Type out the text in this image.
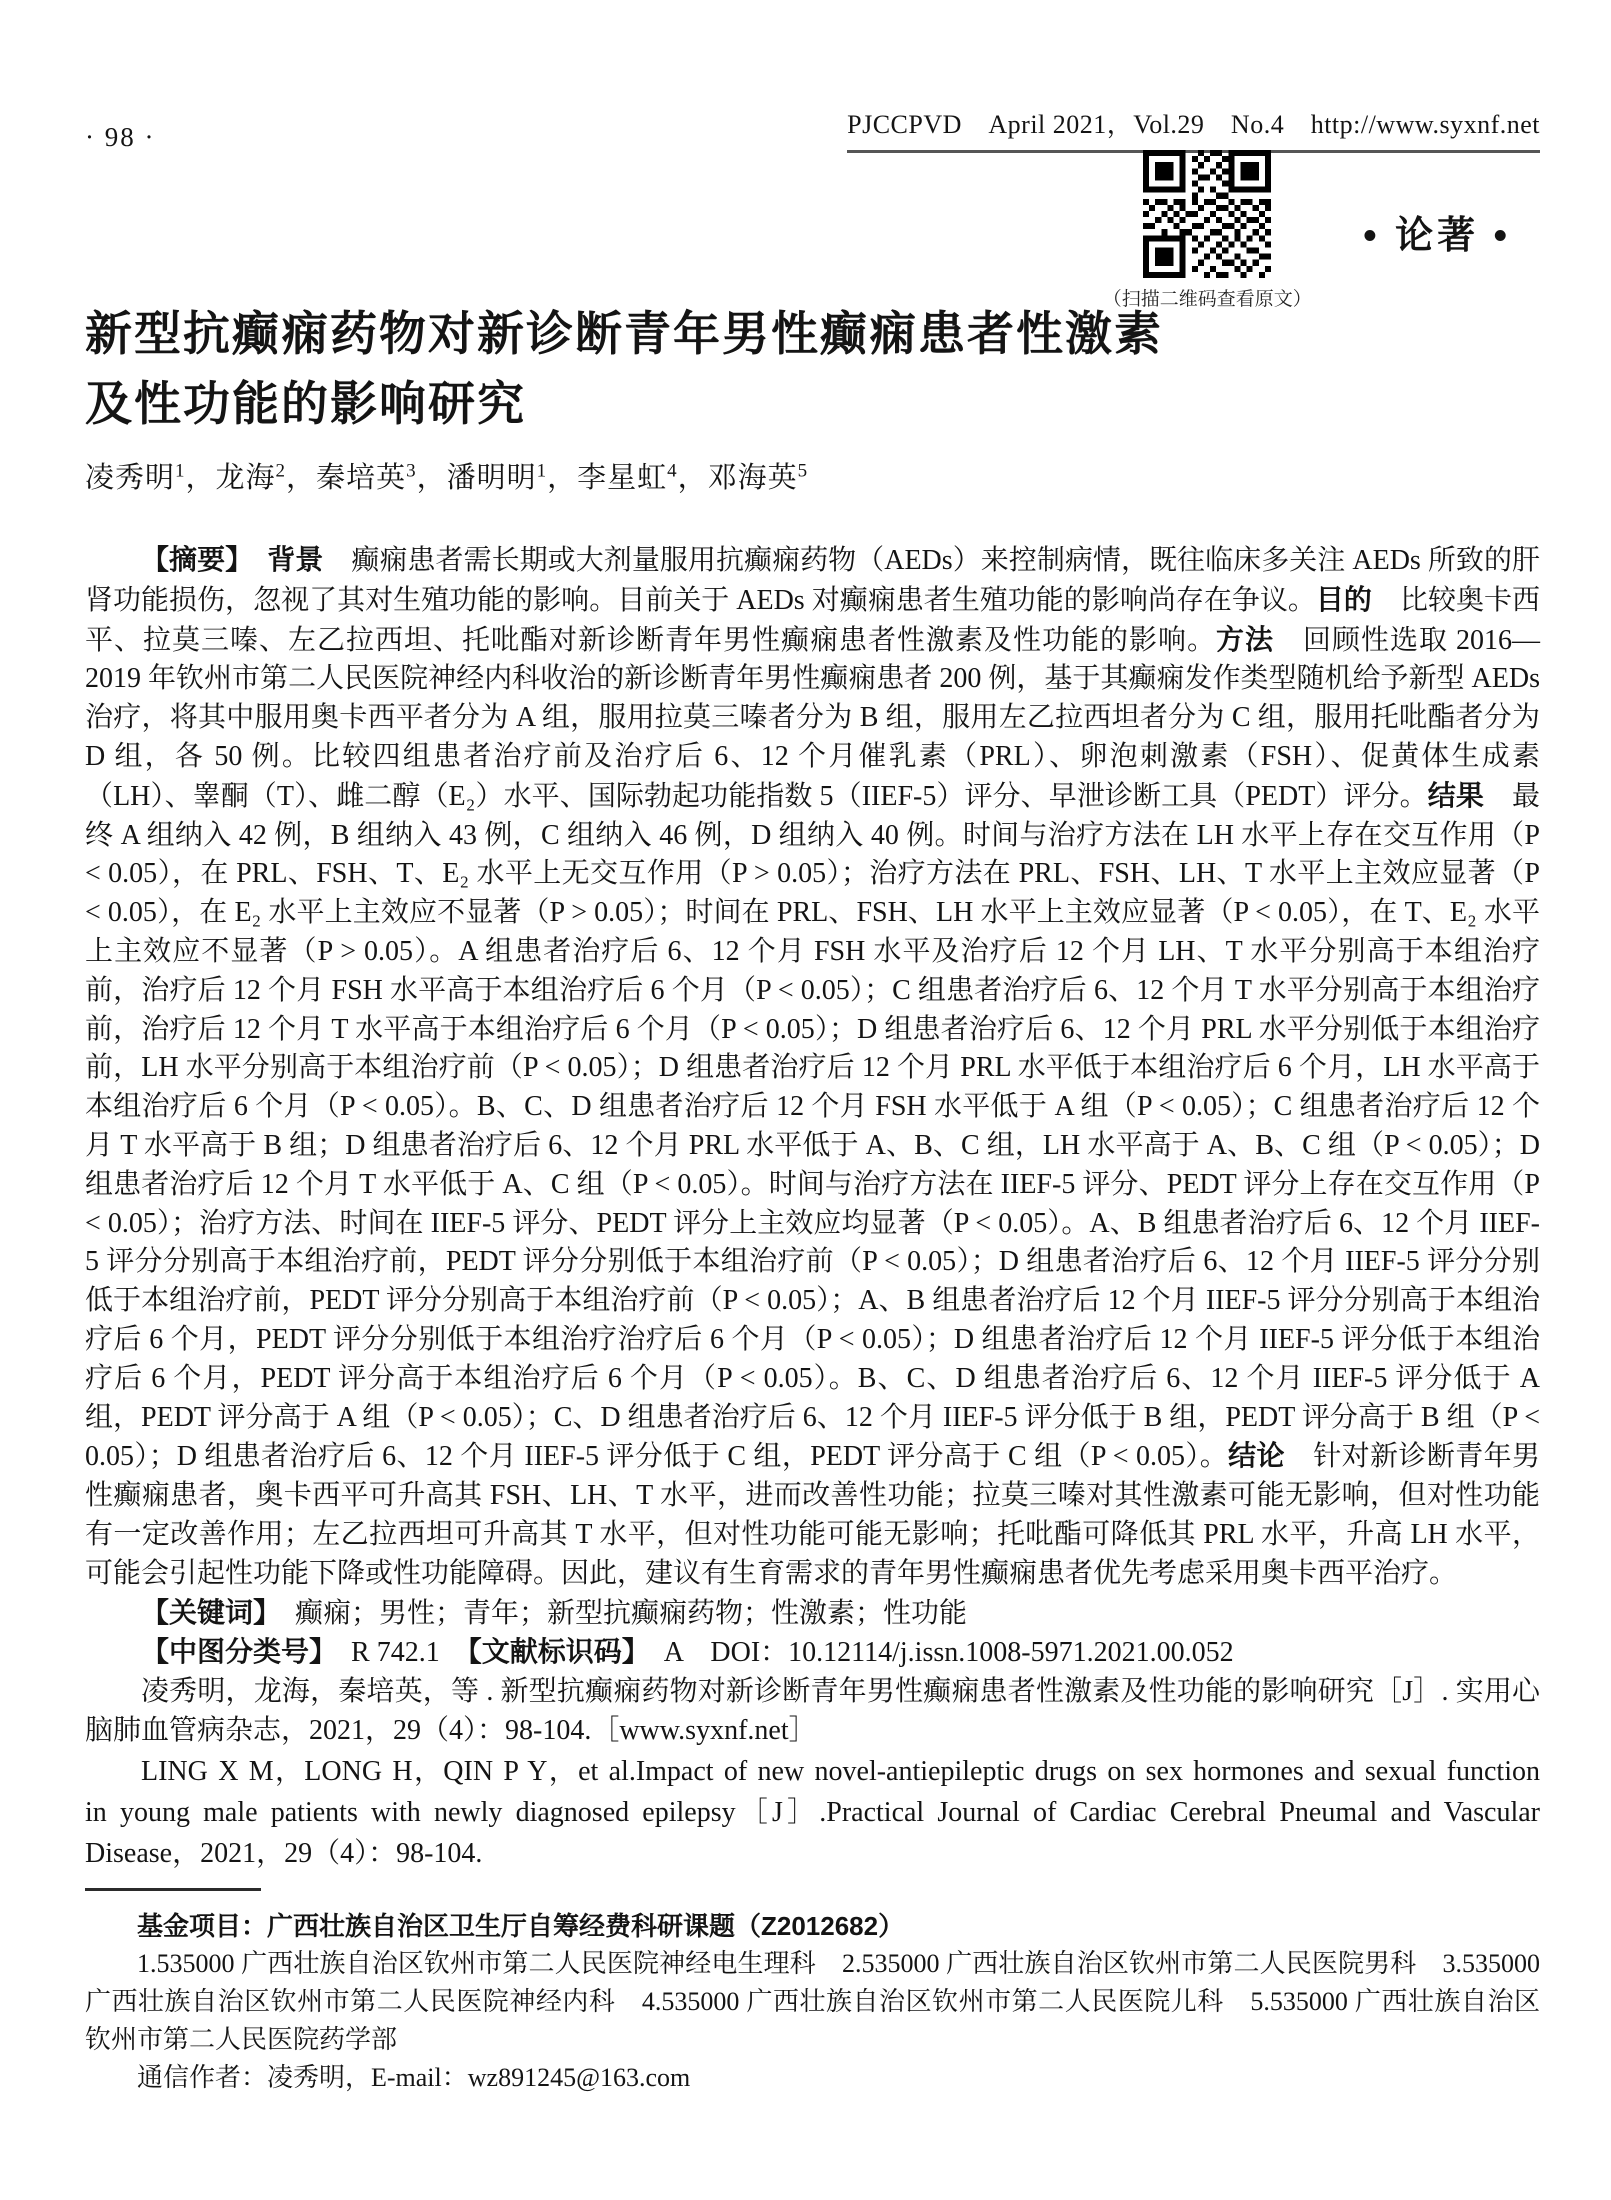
· 98 ·	PJCCPVD　April 2021，Vol.29　No.4　http://www.syxnf.net
（扫描二维码查看原文）
• 论著 •
新型抗癫痫药物对新诊断青年男性癫痫患者性激素
及性功能的影响研究
凌秀明$^1$，龙海$^2$，秦培英$^3$，潘明明$^1$，李星虹$^4$，邓海英$^5$

【摘要】　背景　癫痫患者需长期或大剂量服用抗癫痫药物（AEDs）来控制病情，既往临床多关注 AEDs 所致的肝肾功能损伤，忽视了其对生殖功能的影响。目前关于 AEDs 对癫痫患者生殖功能的影响尚存在争议。目的　比较奥卡西平、拉莫三嗪、左乙拉西坦、托吡酯对新诊断青年男性癫痫患者性激素及性功能的影响。方法　回顾性选取 2016—2019 年钦州市第二人民医院神经内科收治的新诊断青年男性癫痫患者 200 例，基于其癫痫发作类型随机给予新型 AEDs 治疗，将其中服用奥卡西平者分为 A 组，服用拉莫三嗪者分为 B 组，服用左乙拉西坦者分为 C 组，服用托吡酯者分为 D 组，各 50 例。比较四组患者治疗前及治疗后 6、12 个月催乳素（PRL）、卵泡刺激素（FSH）、促黄体生成素（LH）、睾酮（T）、雌二醇（E₂）水平、国际勃起功能指数 5（IIEF-5）评分、早泄诊断工具（PEDT）评分。结果　最终 A 组纳入 42 例，B 组纳入 43 例，C 组纳入 46 例，D 组纳入 40 例。时间与治疗方法在 LH 水平上存在交互作用（P < 0.05），在 PRL、FSH、T、E₂ 水平上无交互作用（P > 0.05）；治疗方法在 PRL、FSH、LH、T 水平上主效应显著（P < 0.05），在 E₂ 水平上主效应不显著（P > 0.05）；时间在 PRL、FSH、LH 水平上主效应显著（P < 0.05），在 T、E₂ 水平上主效应不显著（P > 0.05）。A 组患者治疗后 6、12 个月 FSH 水平及治疗后 12 个月 LH、T 水平分别高于本组治疗前，治疗后 12 个月 FSH 水平高于本组治疗后 6 个月（P < 0.05）；C 组患者治疗后 6、12 个月 T 水平分别高于本组治疗前，治疗后 12 个月 T 水平高于本组治疗后 6 个月（P < 0.05）；D 组患者治疗后 6、12 个月 PRL 水平分别低于本组治疗前，LH 水平分别高于本组治疗前（P < 0.05）；D 组患者治疗后 12 个月 PRL 水平低于本组治疗后 6 个月，LH 水平高于本组治疗后 6 个月（P < 0.05）。B、C、D 组患者治疗后 12 个月 FSH 水平低于 A 组（P < 0.05）；C 组患者治疗后 12 个月 T 水平高于 B 组；D 组患者治疗后 6、12 个月 PRL 水平低于 A、B、C 组，LH 水平高于 A、B、C 组（P < 0.05）；D 组患者治疗后 12 个月 T 水平低于 A、C 组（P < 0.05）。时间与治疗方法在 IIEF-5 评分、PEDT 评分上存在交互作用（P < 0.05）；治疗方法、时间在 IIEF-5 评分、PEDT 评分上主效应均显著（P < 0.05）。A、B 组患者治疗后 6、12 个月 IIEF-5 评分分别高于本组治疗前，PEDT 评分分别低于本组治疗前（P < 0.05）；D 组患者治疗后 6、12 个月 IIEF-5 评分分别低于本组治疗前，PEDT 评分分别高于本组治疗前（P < 0.05）；A、B 组患者治疗后 12 个月 IIEF-5 评分分别高于本组治疗后 6 个月，PEDT 评分分别低于本组治疗治疗后 6 个月（P < 0.05）；D 组患者治疗后 12 个月 IIEF-5 评分低于本组治疗后 6 个月，PEDT 评分高于本组治疗后 6 个月（P < 0.05）。B、C、D 组患者治疗后 6、12 个月 IIEF-5 评分低于 A 组，PEDT 评分高于 A 组（P < 0.05）；C、D 组患者治疗后 6、12 个月 IIEF-5 评分低于 B 组，PEDT 评分高于 B 组（P < 0.05）；D 组患者治疗后 6、12 个月 IIEF-5 评分低于 C 组，PEDT 评分高于 C 组（P < 0.05）。结论　针对新诊断青年男性癫痫患者，奥卡西平可升高其 FSH、LH、T 水平，进而改善性功能；拉莫三嗪对其性激素可能无影响，但对性功能有一定改善作用；左乙拉西坦可升高其 T 水平，但对性功能可能无影响；托吡酯可降低其 PRL 水平，升高 LH 水平，可能会引起性功能下降或性功能障碍。因此，建议有生育需求的青年男性癫痫患者优先考虑采用奥卡西平治疗。

【关键词】　癫痫；男性；青年；新型抗癫痫药物；性激素；性功能

【中图分类号】　R 742.1　【文献标识码】　A　DOI：10.12114/j.issn.1008-5971.2021.00.052

凌秀明，龙海，秦培英，等 . 新型抗癫痫药物对新诊断青年男性癫痫患者性激素及性功能的影响研究［J］. 实用心脑肺血管病杂志，2021，29（4）：98-104.［www.syxnf.net］

LING X M，LONG H，QIN P Y，et al.Impact of new novel-antiepileptic drugs on sex hormones and sexual function in young male patients with newly diagnosed epilepsy［J］.Practical Journal of Cardiac Cerebral Pneumal and Vascular Disease，2021，29（4）：98-104.

基金项目：广西壮族自治区卫生厅自筹经费科研课题（Z2012682）

1.535000 广西壮族自治区钦州市第二人民医院神经电生理科　2.535000 广西壮族自治区钦州市第二人民医院男科　3.535000 广西壮族自治区钦州市第二人民医院神经内科　4.535000 广西壮族自治区钦州市第二人民医院儿科　5.535000 广西壮族自治区钦州市第二人民医院药学部

通信作者：凌秀明，E-mail：wz891245@163.com
